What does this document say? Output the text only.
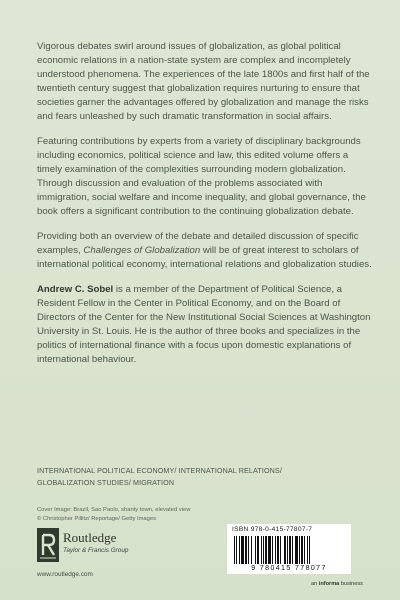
Vigorous debates swirl around issues of globalization, as global political economic relations in a nation-state system are complex and incompletely understood phenomena. The experiences of the late 1800s and first half of the twentieth century suggest that globalization requires nurturing to ensure that societies garner the advantages offered by globalization and manage the risks and fears unleashed by such dramatic transformation in social affairs.

Featuring contributions by experts from a variety of disciplinary backgrounds including economics, political science and law, this edited volume offers a timely examination of the complexities surrounding modern globalization. Through discussion and evaluation of the problems associated with immigration, social welfare and income inequality, and global governance, the book offers a significant contribution to the continuing globalization debate.

Providing both an overview of the debate and detailed discussion of specific examples, Challenges of Globalization will be of great interest to scholars of international political economy, international relations and globalization studies.

Andrew C. Sobel is a member of the Department of Political Science, a Resident Fellow in the Center in Political Economy, and on the Board of Directors of the Center for the New Institutional Social Sciences at Washington University in St. Louis. He is the author of three books and specializes in the politics of international finance with a focus upon domestic explanations of international behaviour.

INTERNATIONAL POLITICAL ECONOMY/ INTERNATIONAL RELATIONS/
GLOBALIZATION STUDIES/ MIGRATION
Cover Image: Brazil, Sao Paolo, shanty town, elevated view
© Christopher Pillitz/ Reportage/ Getty Images
Routledge
Taylor & Francis Group
www.routledge.com
ISBN 978-0-415-77807-7
9 780415 778077
an informa business
